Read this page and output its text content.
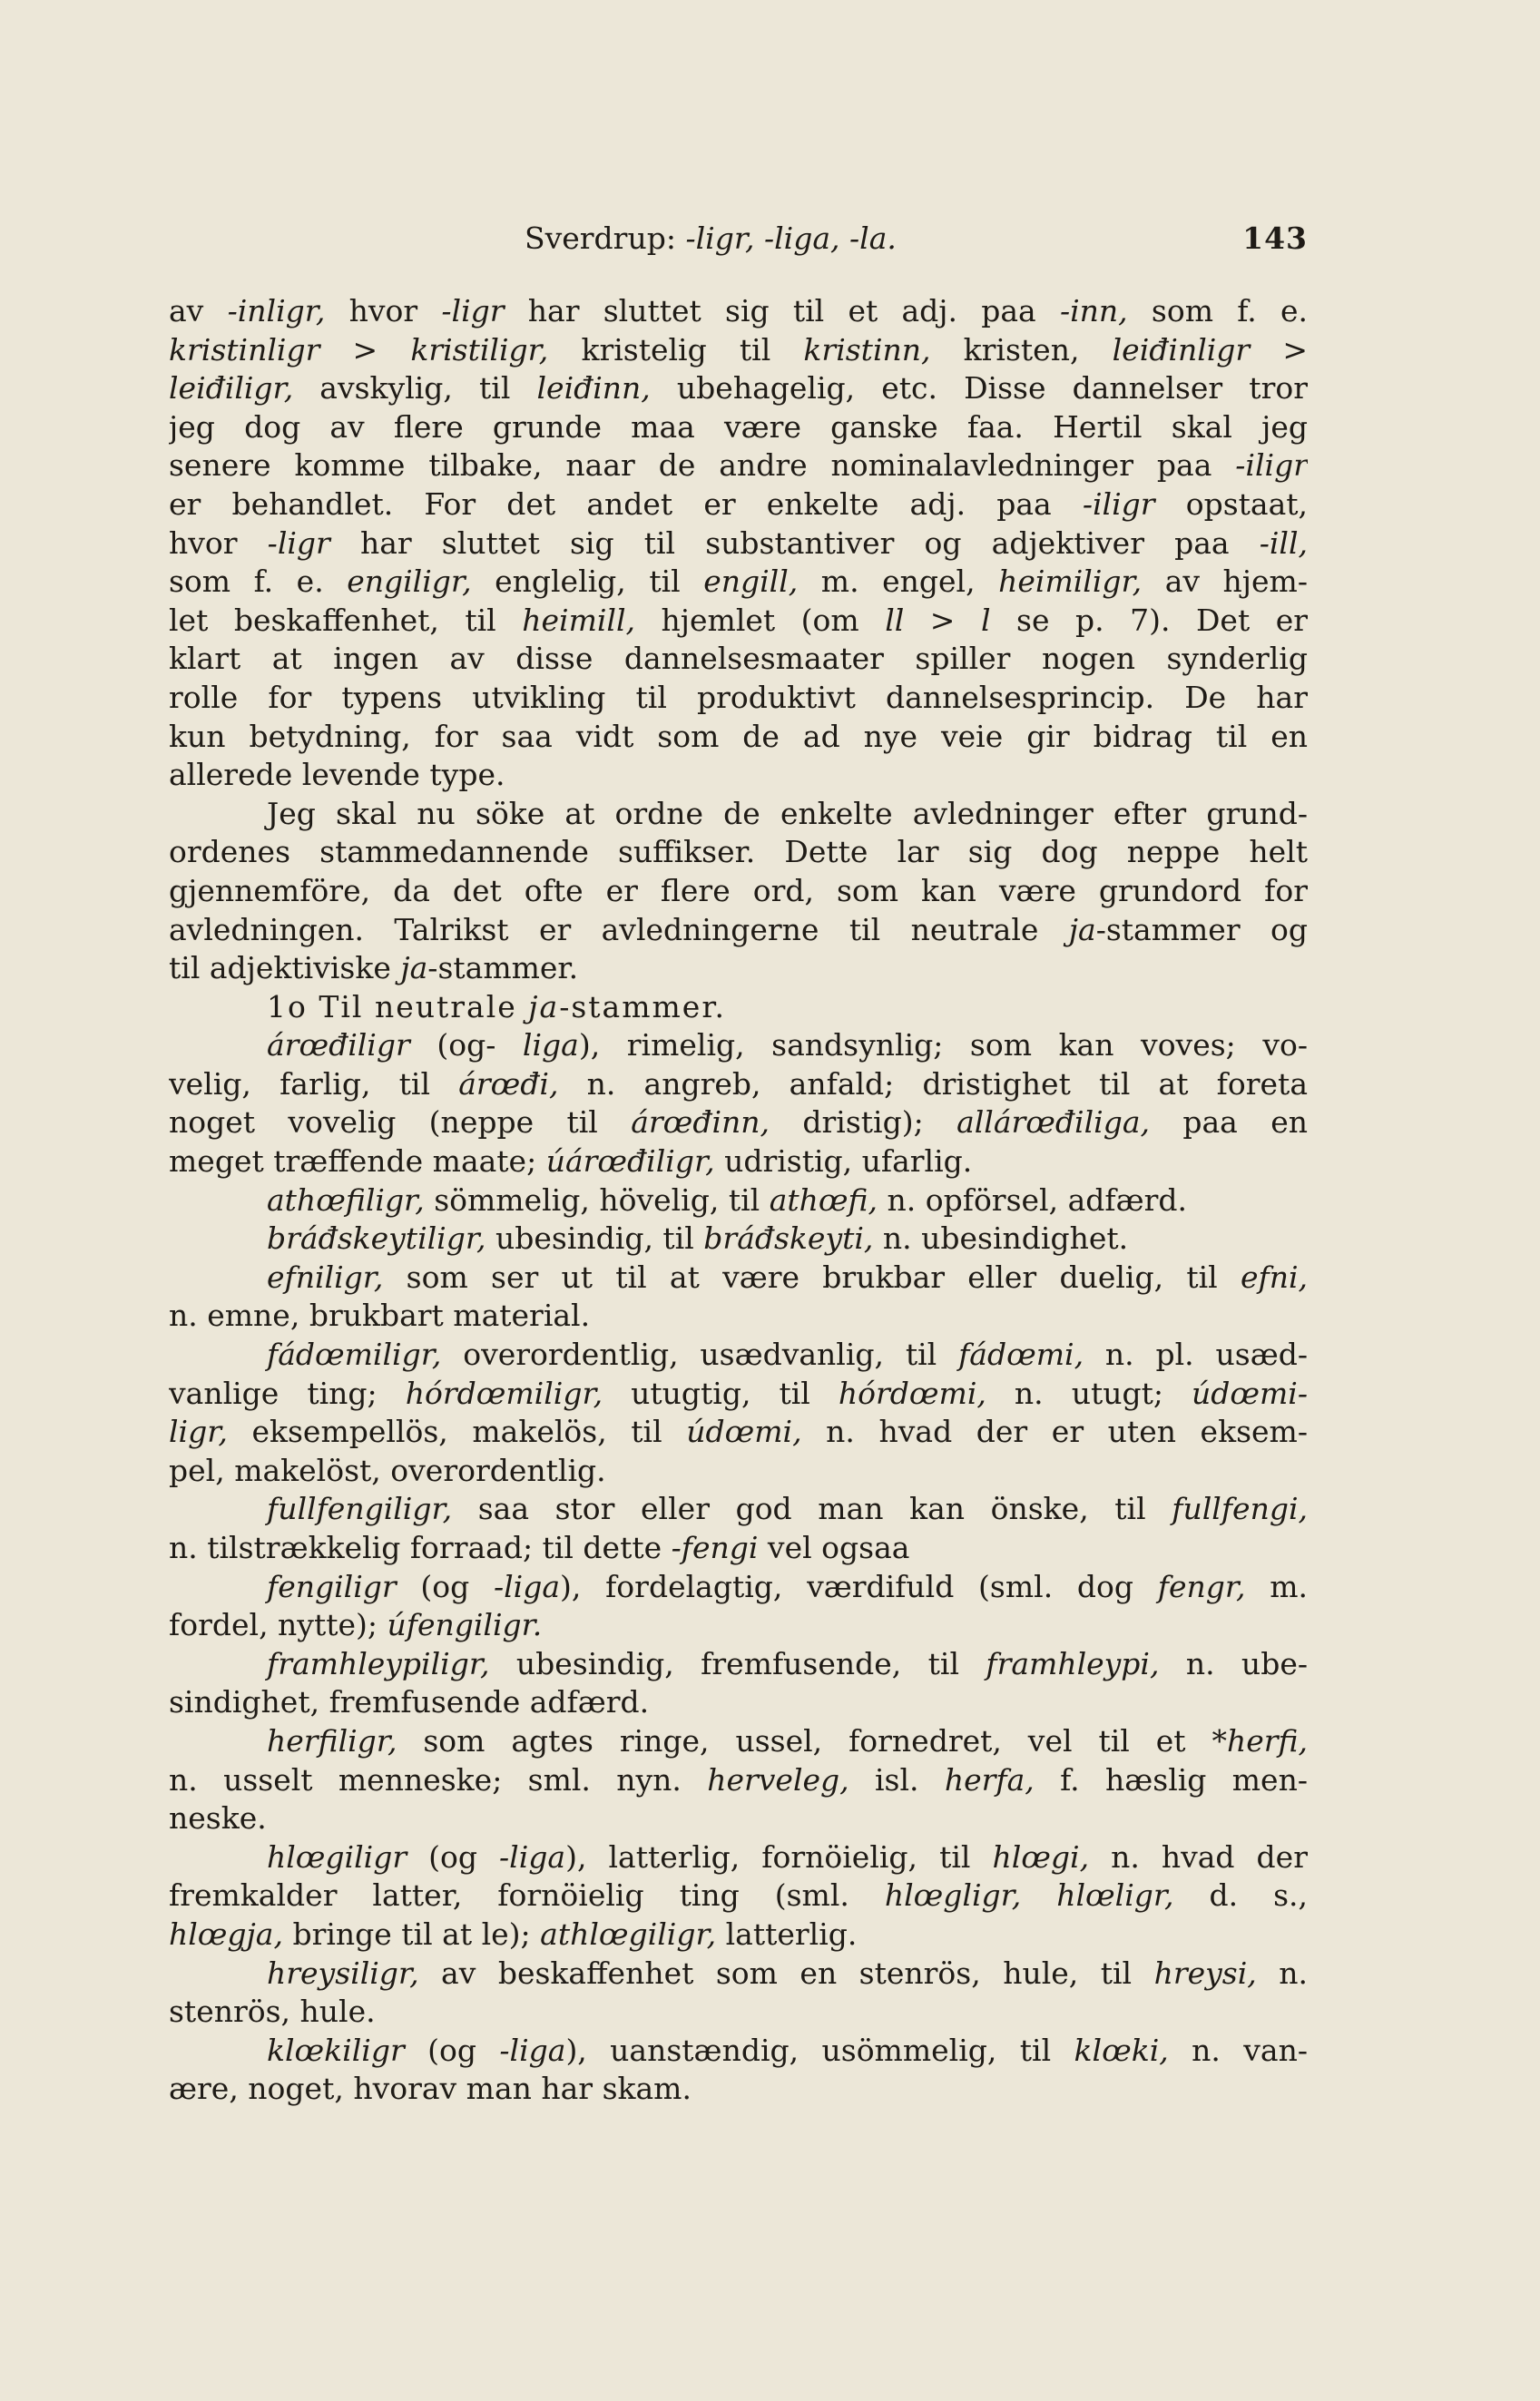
Sverdrup: -ligr, -liga, -la.	143
av -inligr, hvor -ligr har sluttet sig til et adj. paa -inn, som f. e.
kristinligr > kristiligr, kristelig til kristinn, kristen, leiđinligr >
leiđiligr, avskylig, til leiđinn, ubehagelig, etc. Disse dannelser tror
jeg dog av flere grunde maa være ganske faa. Hertil skal jeg
senere komme tilbake, naar de andre nominalavledninger paa -iligr
er behandlet. For det andet er enkelte adj. paa -iligr opstaat,
hvor -ligr har sluttet sig til substantiver og adjektiver paa -ill,
som f. e. engiligr, englelig, til engill, m. engel, heimiligr, av hjem-
let beskaffenhet, til heimill, hjemlet (om ll > l se p. 7). Det er
klart at ingen av disse dannelsesmaater spiller nogen synderlig
rolle for typens utvikling til produktivt dannelsesprincip. De har
kun betydning, for saa vidt som de ad nye veie gir bidrag til en
allerede levende type.
Jeg skal nu söke at ordne de enkelte avledninger efter grund-
ordenes stammedannende suffikser. Dette lar sig dog neppe helt
gjennemföre, da det ofte er flere ord, som kan være grundord for
avledningen. Talrikst er avledningerne til neutrale ja-stammer og
til adjektiviske ja-stammer.
1o Til neutrale ja-stammer.
árœđiligr (og- liga), rimelig, sandsynlig; som kan voves; vo-
velig, farlig, til árœđi, n. angreb, anfald; dristighet til at foreta
noget vovelig (neppe til árœđinn, dristig); allárœđiliga, paa en
meget træffende maate; úárœđiligr, udristig, ufarlig.
athœfiligr, sömmelig, hövelig, til athœfi, n. opförsel, adfærd.
bráđskeytiligr, ubesindig, til bráđskeyti, n. ubesindighet.
efniligr, som ser ut til at være brukbar eller duelig, til efni,
n. emne, brukbart material.
fádœmiligr, overordentlig, usædvanlig, til fádœmi, n. pl. usæd-
vanlige ting; hórdœmiligr, utugtig, til hórdœmi, n. utugt; údœmi-
ligr, eksempellös, makelös, til údœmi, n. hvad der er uten eksem-
pel, makelöst, overordentlig.
fullfengiligr, saa stor eller god man kan önske, til fullfengi,
n. tilstrækkelig forraad; til dette -fengi vel ogsaa
fengiligr (og -liga), fordelagtig, værdifuld (sml. dog fengr, m.
fordel, nytte); úfengiligr.
framhleypiligr, ubesindig, fremfusende, til framhleypi, n. ube-
sindighet, fremfusende adfærd.
herfiligr, som agtes ringe, ussel, fornedret, vel til et *herfi,
n. usselt menneske; sml. nyn. herveleg, isl. herfa, f. hæslig men-
neske.
hlœgiligr (og -liga), latterlig, fornöielig, til hlœgi, n. hvad der
fremkalder latter, fornöielig ting (sml. hlœgligr, hlœligr, d. s.,
hlœgja, bringe til at le); athlœgiligr, latterlig.
hreysiligr, av beskaffenhet som en stenrös, hule, til hreysi, n.
stenrös, hule.
klœkiligr (og -liga), uanstændig, usömmelig, til klœki, n. van-
ære, noget, hvorav man har skam.
